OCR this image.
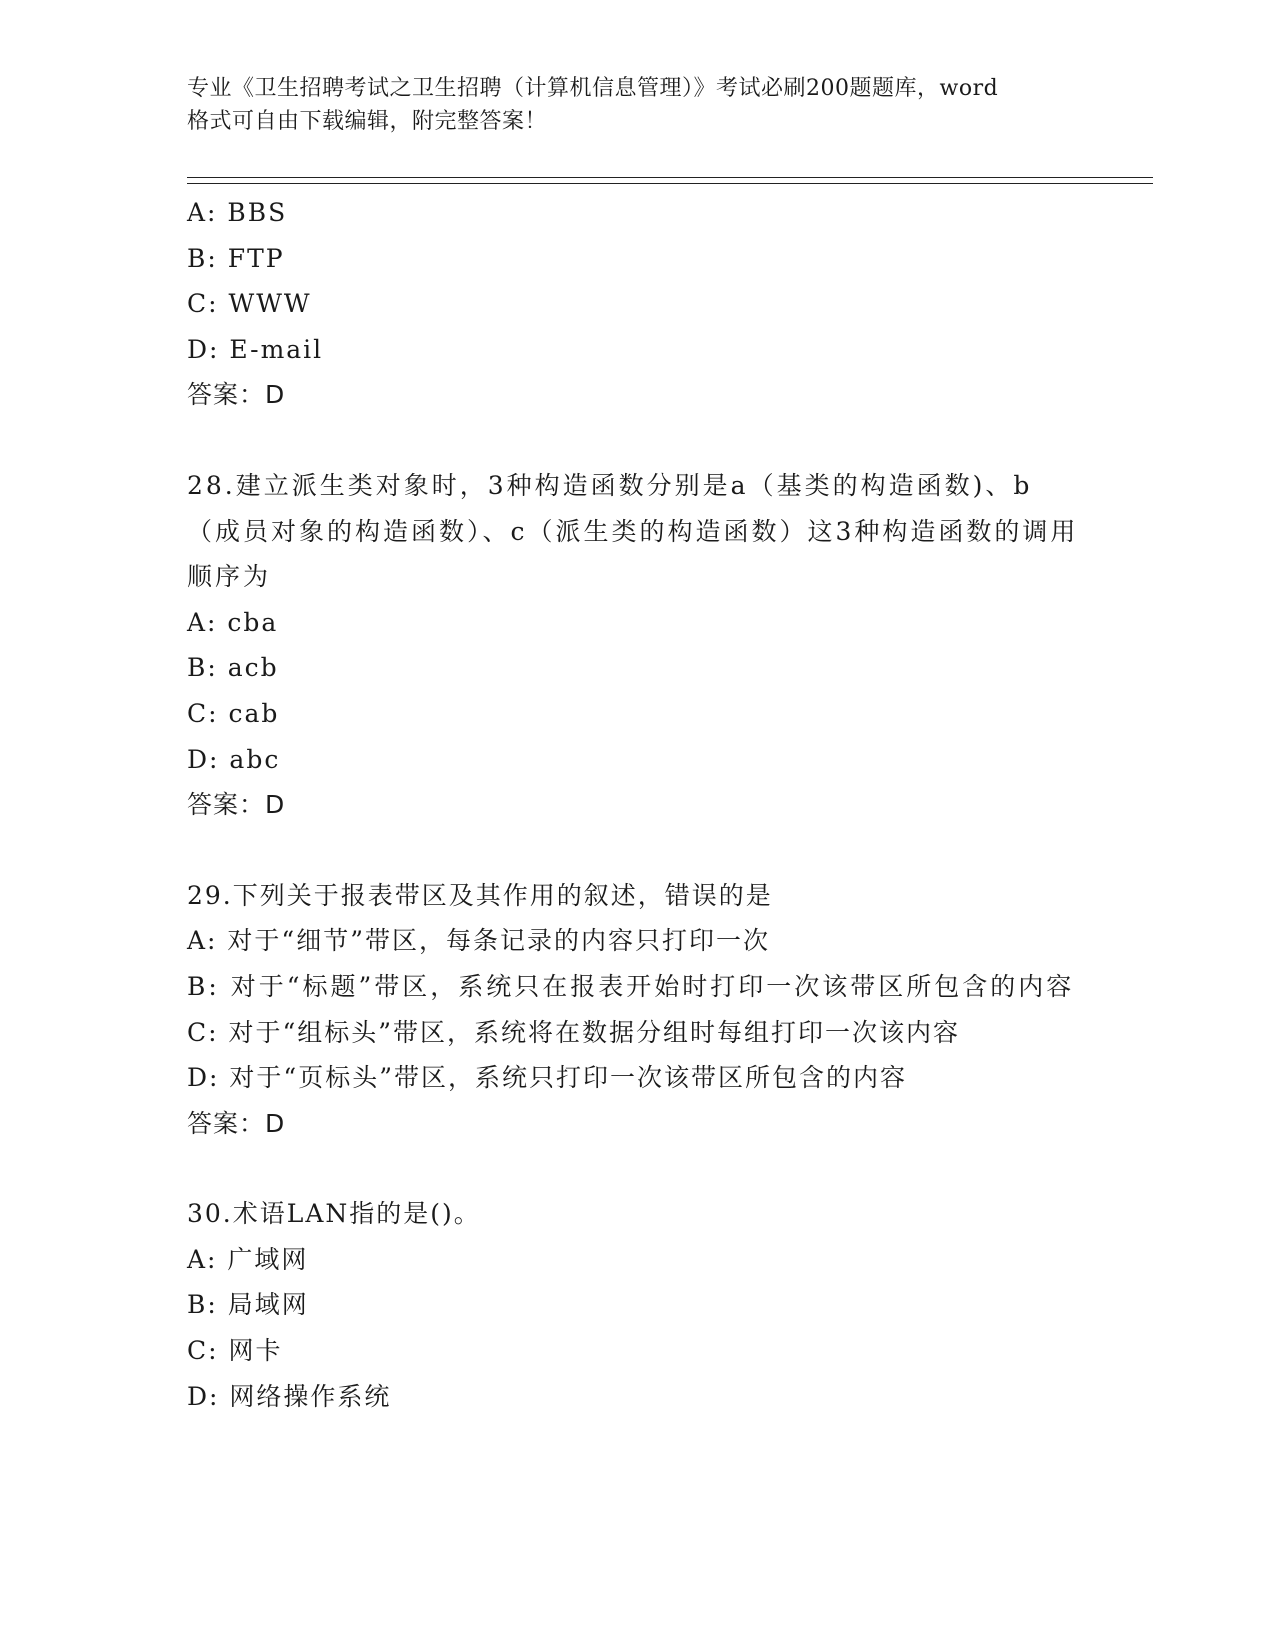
专业《卫生招聘考试之卫生招聘（计算机信息管理）》考试必刷200题题库，word
格式可自由下载编辑，附完整答案！
A: BBS
B: FTP
C: WWW
D: E-mail
答案：D
28.建立派生类对象时，3种构造函数分别是a（基类的构造函数)、b（成员对象的构造函数）、c（派生类的构造函数）这3种构造函数的调用顺序为
A: cba
B: acb
C: cab
D: abc
答案：D
29.下列关于报表带区及其作用的叙述，错误的是
A: 对于“细节”带区，每条记录的内容只打印一次
B: 对于“标题”带区，系统只在报表开始时打印一次该带区所包含的内容
C: 对于“组标头”带区，系统将在数据分组时每组打印一次该内容
D: 对于“页标头”带区，系统只打印一次该带区所包含的内容
答案：D
30.术语LAN指的是()。
A: 广域网
B: 局域网
C: 网卡
D: 网络操作系统
